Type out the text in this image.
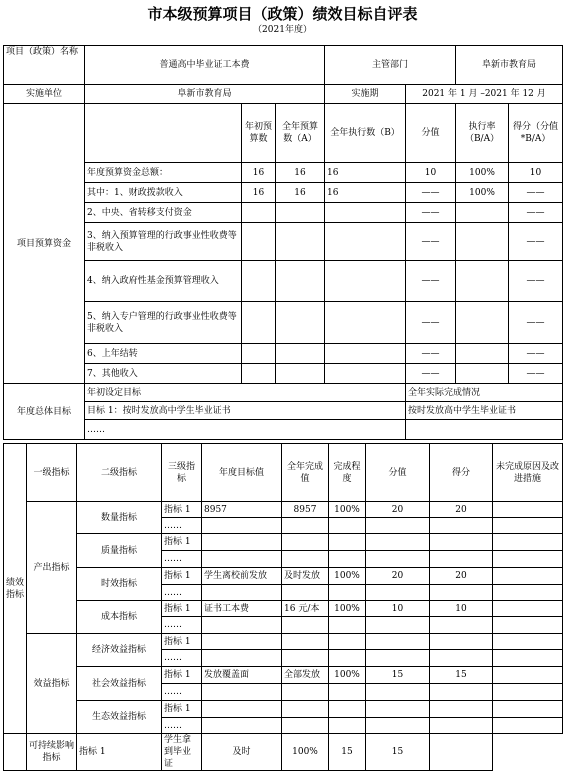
市本级预算项目（政策）绩效目标自评表
（2021年度）
项目（政策）名称	普通高中毕业证工本费			主管部门		阜新市教育局	
实施单位	阜新市教育局			实施期	2021 年 1 月 –2021 年 12 月		
项目预算资金		年初预算数	全年预算数（A）	全年执行数（B）	分值	执行率（B/A）	得分（分值*B/A）
	年度预算资金总额：	16	16	16	10	100%	10
	其中：1、财政拨款收入	16	16	16	——	100%	——
	2、中央、省转移支付资金				——		——
	3、纳入预算管理的行政事业性收费等非税收入				——		——
	4、纳入政府性基金预算管理收入				——		——
	5、纳入专户管理的行政事业性收费等非税收入				——		——
	6、上年结转				——		——
	7、其他收入				——		——
年度总体目标	年初设定目标				全年实际完成情况		
	目标 1：按时发放高中学生毕业证书				按时发放高中学生毕业证书		
	……						
绩效指标	一级指标	二级指标	三级指标	年度目标值	全年完成值	完成程度	分值	得分	未完成原因及改进措施
	产出指标	数量指标	指标 1	8957	8957	100%	20	20	
			……						
		质量指标	指标 1						
			……						
		时效指标	指标 1	学生离校前发放	及时发放	100%	20	20	
			……						
		成本指标	指标 1	证书工本费	16 元/本	100%	10	10	
			……						
	效益指标	经济效益指标	指标 1						
			……						
		社会效益指标	指标 1	发放覆盖面	全部发放	100%	15	15	
			……						
		生态效益指标	指标 1						
			……						
	可持续影响指标	指标 1	学生拿到毕业证	及时	100%	15	15		
